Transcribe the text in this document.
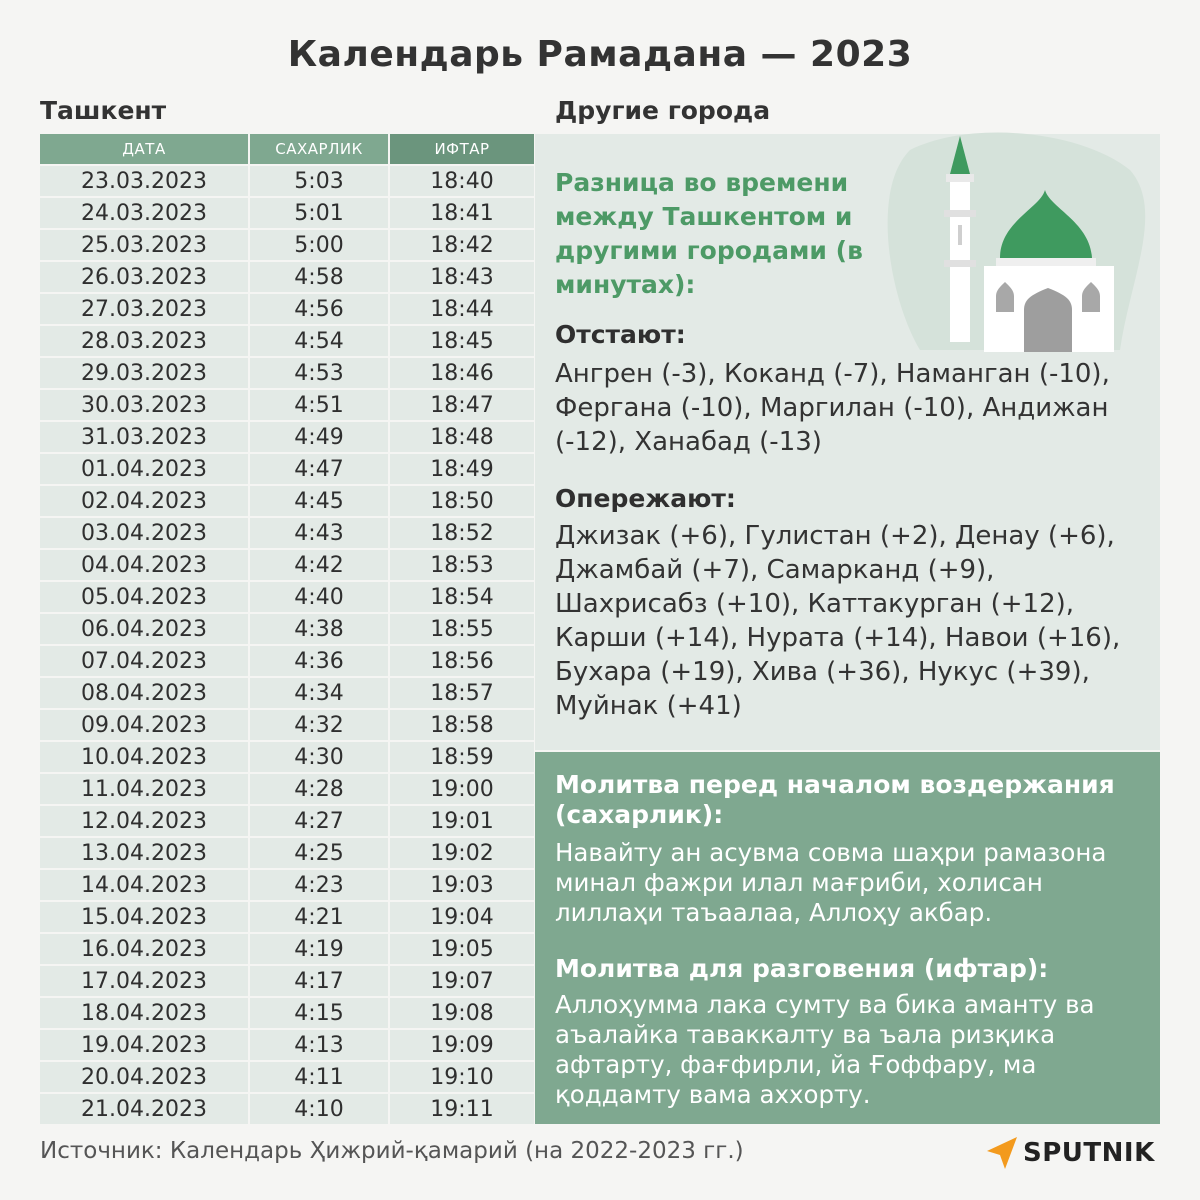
Календарь Рамадана — 2023
Ташкент	Другие города
ДАТА	САХАРЛИК	ИФТАР
23.03.2023	5:03	18:40
24.03.2023	5:01	18:41
25.03.2023	5:00	18:42
26.03.2023	4:58	18:43
27.03.2023	4:56	18:44
28.03.2023	4:54	18:45
29.03.2023	4:53	18:46
30.03.2023	4:51	18:47
31.03.2023	4:49	18:48
01.04.2023	4:47	18:49
02.04.2023	4:45	18:50
03.04.2023	4:43	18:52
04.04.2023	4:42	18:53
05.04.2023	4:40	18:54
06.04.2023	4:38	18:55
07.04.2023	4:36	18:56
08.04.2023	4:34	18:57
09.04.2023	4:32	18:58
10.04.2023	4:30	18:59
11.04.2023	4:28	19:00
12.04.2023	4:27	19:01
13.04.2023	4:25	19:02
14.04.2023	4:23	19:03
15.04.2023	4:21	19:04
16.04.2023	4:19	19:05
17.04.2023	4:17	19:07
18.04.2023	4:15	19:08
19.04.2023	4:13	19:09
20.04.2023	4:11	19:10
21.04.2023	4:10	19:11
Разница во времени между Ташкентом и другими городами (в минутах):
Отстают:
Ангрен (-3), Коканд (-7), Наманган (-10), Фергана (-10), Маргилан (-10), Андижан (-12), Ханабад (-13)
Опережают:
Джизак (+6), Гулистан (+2), Денау (+6), Джамбай (+7), Самарканд (+9), Шахрисабз (+10), Каттакурган (+12), Карши (+14), Нурата (+14), Навои (+16), Бухара (+19), Хива (+36), Нукус (+39), Муйнак (+41)
Молитва перед началом воздержания (сахарлик):
Навайту ан асувма совма шаҳри рамазона минал фажри илал мағриби, холисан лиллаҳи таъаалаа, Аллоҳу акбар.
Молитва для разговения (ифтар):
Аллоҳумма лака сумту ва бика аманту ва аъалайка таваккалту ва ъала ризқика афтарту, фағфирли, йа Ғоффару, ма қоддамту вама аххорту.
Источник: Календарь Ҳижрий-қамарий (на 2022-2023 гг.)	SPUTNIK
